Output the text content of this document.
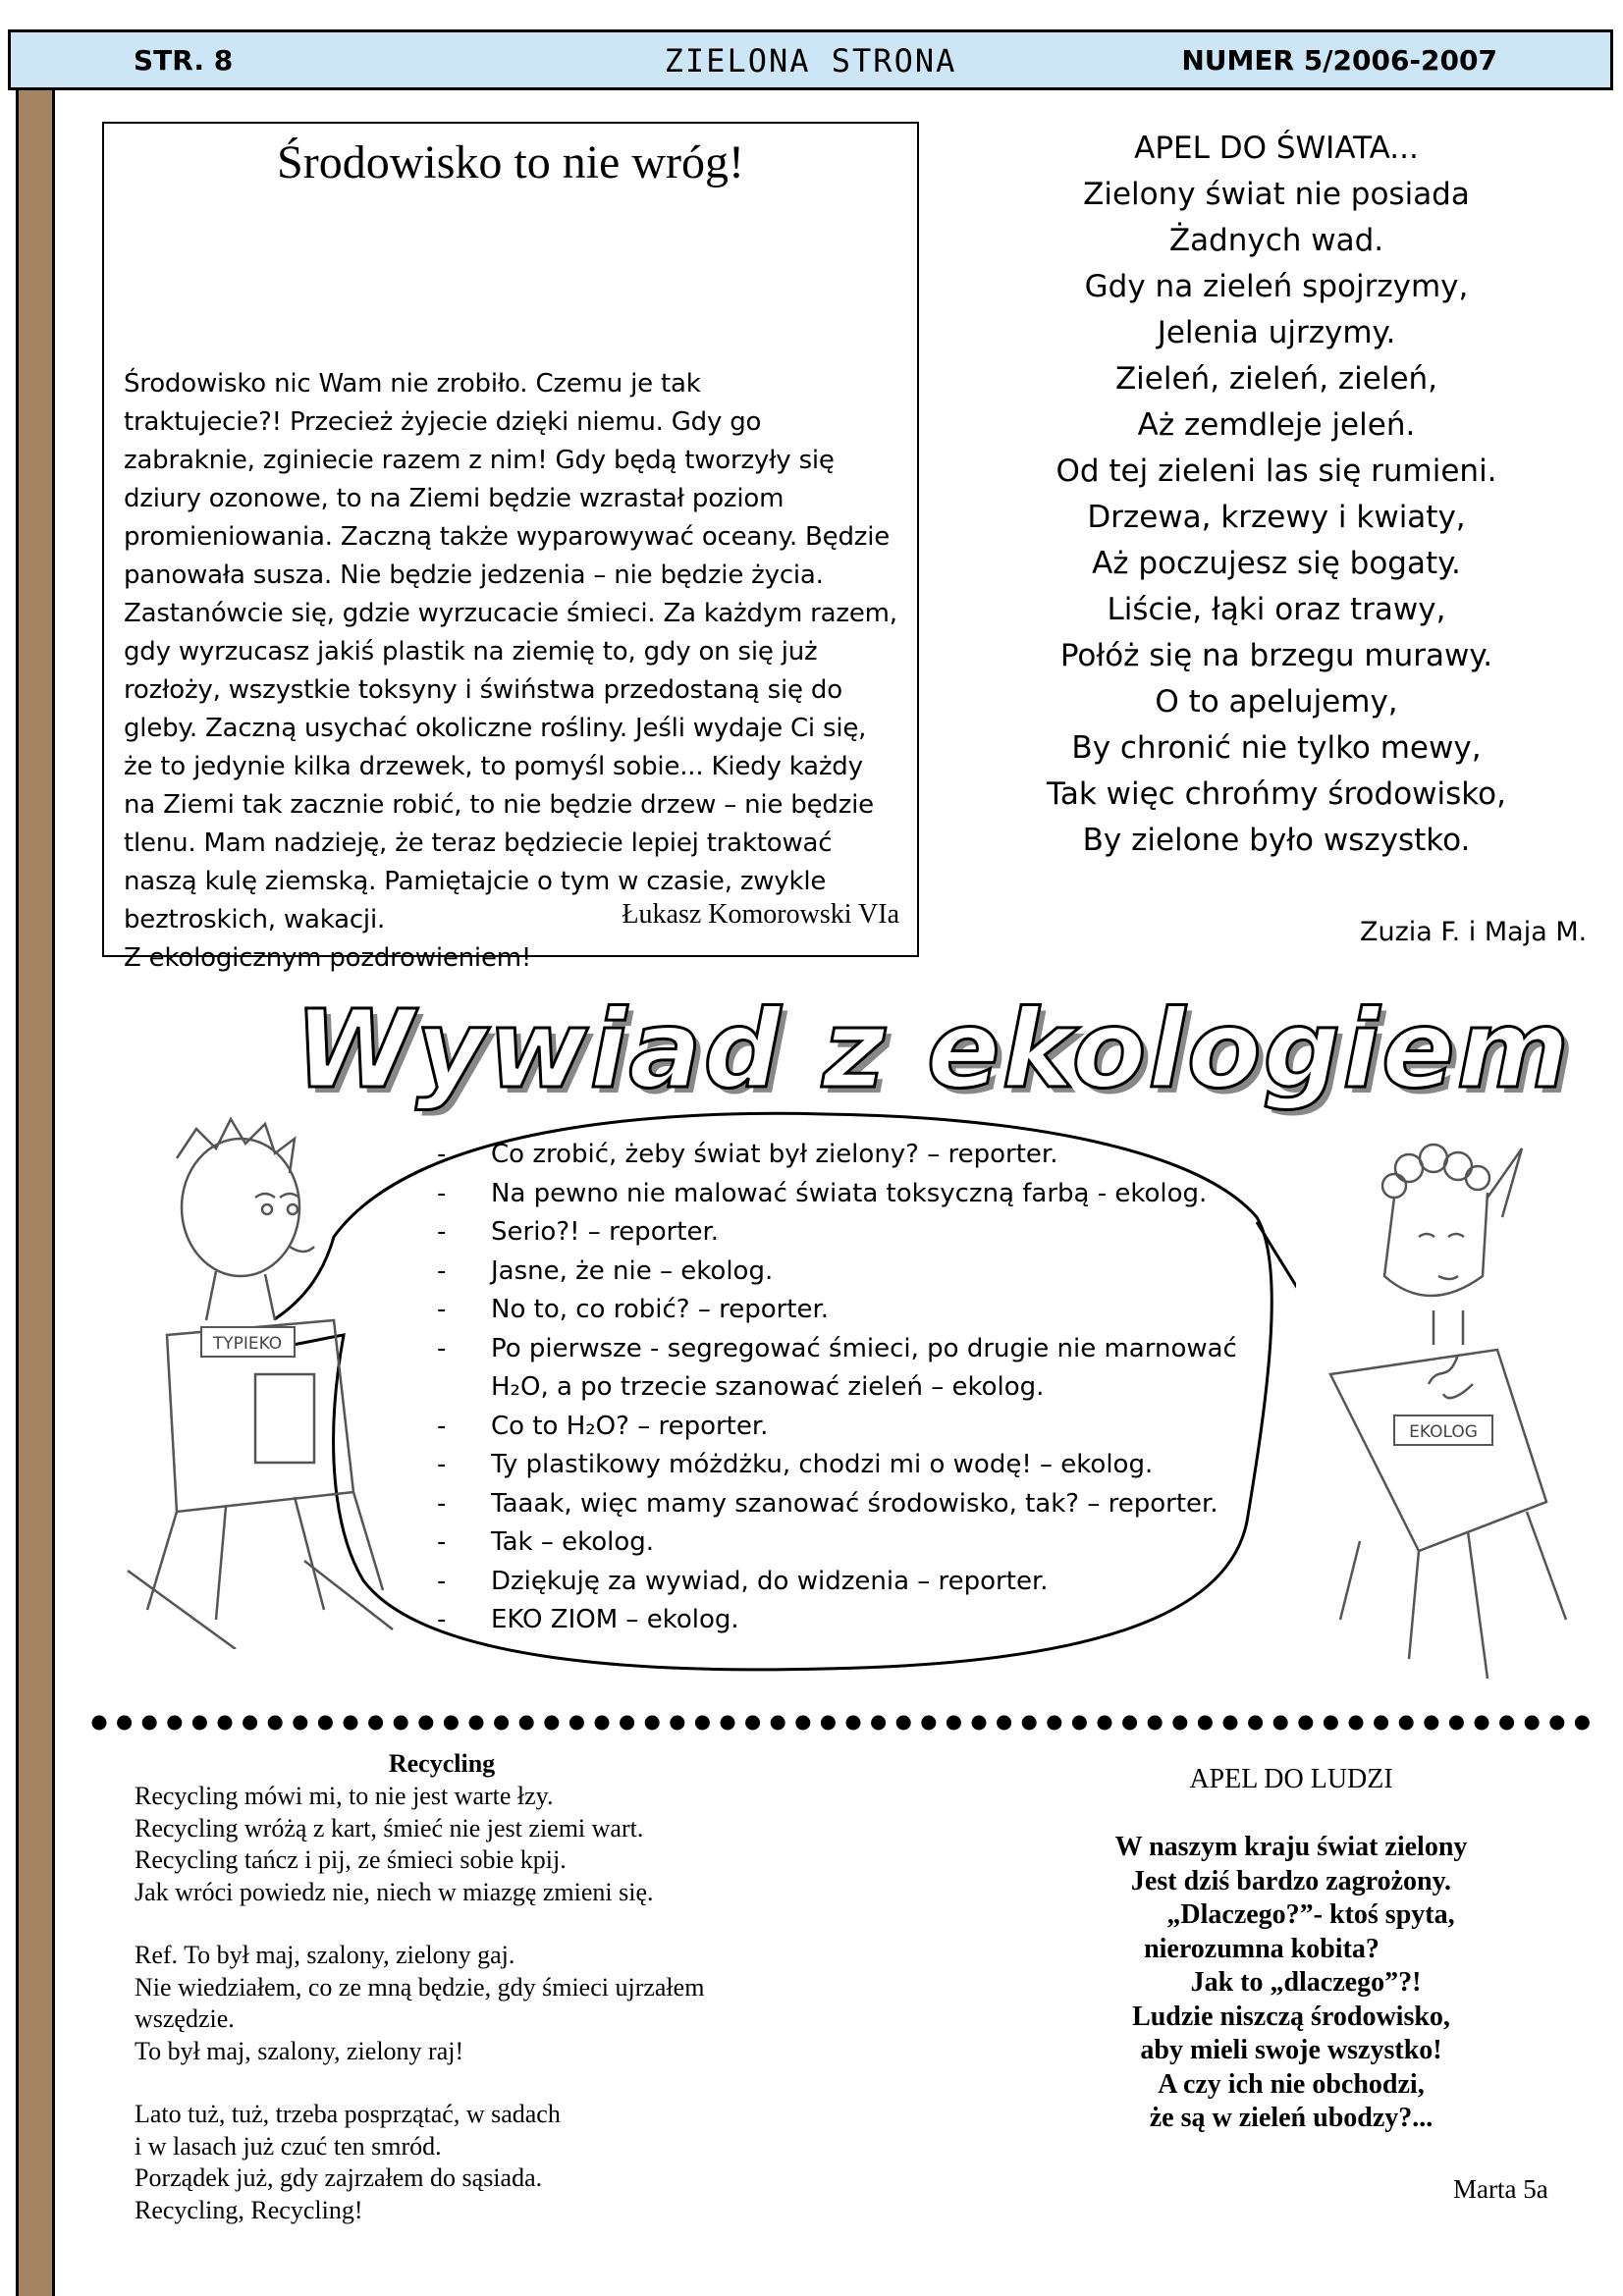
STR. 8	ZIELONA STRONA	NUMER 5/2006-2007
Środowisko to nie wróg!
Środowisko nic Wam nie zrobiło. Czemu je tak
traktujecie?! Przecież żyjecie dzięki niemu. Gdy go
zabraknie, zginiecie razem z nim! Gdy będą tworzyły się
dziury ozonowe, to na Ziemi będzie wzrastał poziom
promieniowania. Zaczną także wyparowywać oceany. Będzie
panowała susza. Nie będzie jedzenia – nie będzie życia.
Zastanówcie się, gdzie wyrzucacie śmieci. Za każdym razem,
gdy wyrzucasz jakiś plastik na ziemię to, gdy on się już
rozłoży, wszystkie toksyny i świństwa przedostaną się do
gleby. Zaczną usychać okoliczne rośliny. Jeśli wydaje Ci się,
że to jedynie kilka drzewek, to pomyśl sobie... Kiedy każdy
na Ziemi tak zacznie robić, to nie będzie drzew – nie będzie
tlenu. Mam nadzieję, że teraz będziecie lepiej traktować
naszą kulę ziemską. Pamiętajcie o tym w czasie, zwykle
beztroskich, wakacji.
Z ekologicznym pozdrowieniem!
Łukasz Komorowski VIa
APEL DO ŚWIATA...
Zielony świat nie posiada
Żadnych wad.
Gdy na zieleń spojrzymy,
Jelenia ujrzymy.
Zieleń, zieleń, zieleń,
Aż zemdleje jeleń.
Od tej zieleni las się rumieni.
Drzewa, krzewy i kwiaty,
Aż poczujesz się bogaty.
Liście, łąki oraz trawy,
Połóż się na brzegu murawy.
O to apelujemy,
By chronić nie tylko mewy,
Tak więc chrońmy środowisko,
By zielone było wszystko.
Zuzia F. i Maja M.
Wywiad z ekologiem
- Co zrobić, żeby świat był zielony? – reporter.
- Na pewno nie malować świata toksyczną farbą - ekolog.
- Serio?! – reporter.
- Jasne, że nie – ekolog.
- No to, co robić? – reporter.
- Po pierwsze - segregować śmieci, po drugie nie marnować
H₂O, a po trzecie szanować zieleń – ekolog.
- Co to H₂O? – reporter.
- Ty plastikowy móżdżku, chodzi mi o wodę! – ekolog.
- Taaak, więc mamy szanować środowisko, tak? – reporter.
- Tak – ekolog.
- Dziękuję za wywiad, do widzenia – reporter.
- EKO ZIOM – ekolog.
TYPIEKO
EKOLOG
Recycling
Recycling mówi mi, to nie jest warte łzy.
Recycling wróżą z kart, śmieć nie jest ziemi wart.
Recycling tańcz i pij, ze śmieci sobie kpij.
Jak wróci powiedz nie, niech w miazgę zmieni się.
Ref. To był maj, szalony, zielony gaj.
Nie wiedziałem, co ze mną będzie, gdy śmieci ujrzałem
wszędzie.
To był maj, szalony, zielony raj!
Lato tuż, tuż, trzeba posprzątać, w sadach
i w lasach już czuć ten smród.
Porządek już, gdy zajrzałem do sąsiada.
Recycling, Recycling!
APEL DO LUDZI
W naszym kraju świat zielony
Jest dziś bardzo zagrożony.
„Dlaczego?”- ktoś spyta,
nierozumna kobita?
Jak to „dlaczego”?!
Ludzie niszczą środowisko,
aby mieli swoje wszystko!
A czy ich nie obchodzi,
że są w zieleń ubodzy?...
Marta 5a
